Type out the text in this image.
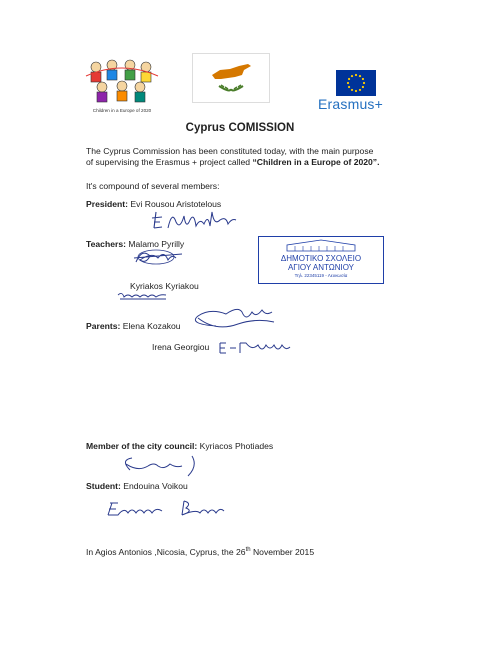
Children in a Europe of 2020	Erasmus+
Cyprus COMISSION
The Cyprus Commission has been constituted today, with the main purpose
of supervising the Erasmus + project called “Children in a Europe of 2020”.
It's compound of several members:
President: Evi Rousou Aristotelous
Teachers: Malamo Pyrilly
Kyriakos Kyriakou
ΔΗΜΟΤΙΚΟ ΣΧΟΛΕΙΟ
ΑΓΙΟΥ ΑΝΤΩΝΙΟΥ
Τηλ. 22345119 - Λευκωσία
Parents: Elena Kozakou
Irena Georgiou
Member of the city council: Kyriacos Photiades
Student: Endouina Voikou
In Agios Antonios ,Nicosia, Cyprus, the 26th November 2015
